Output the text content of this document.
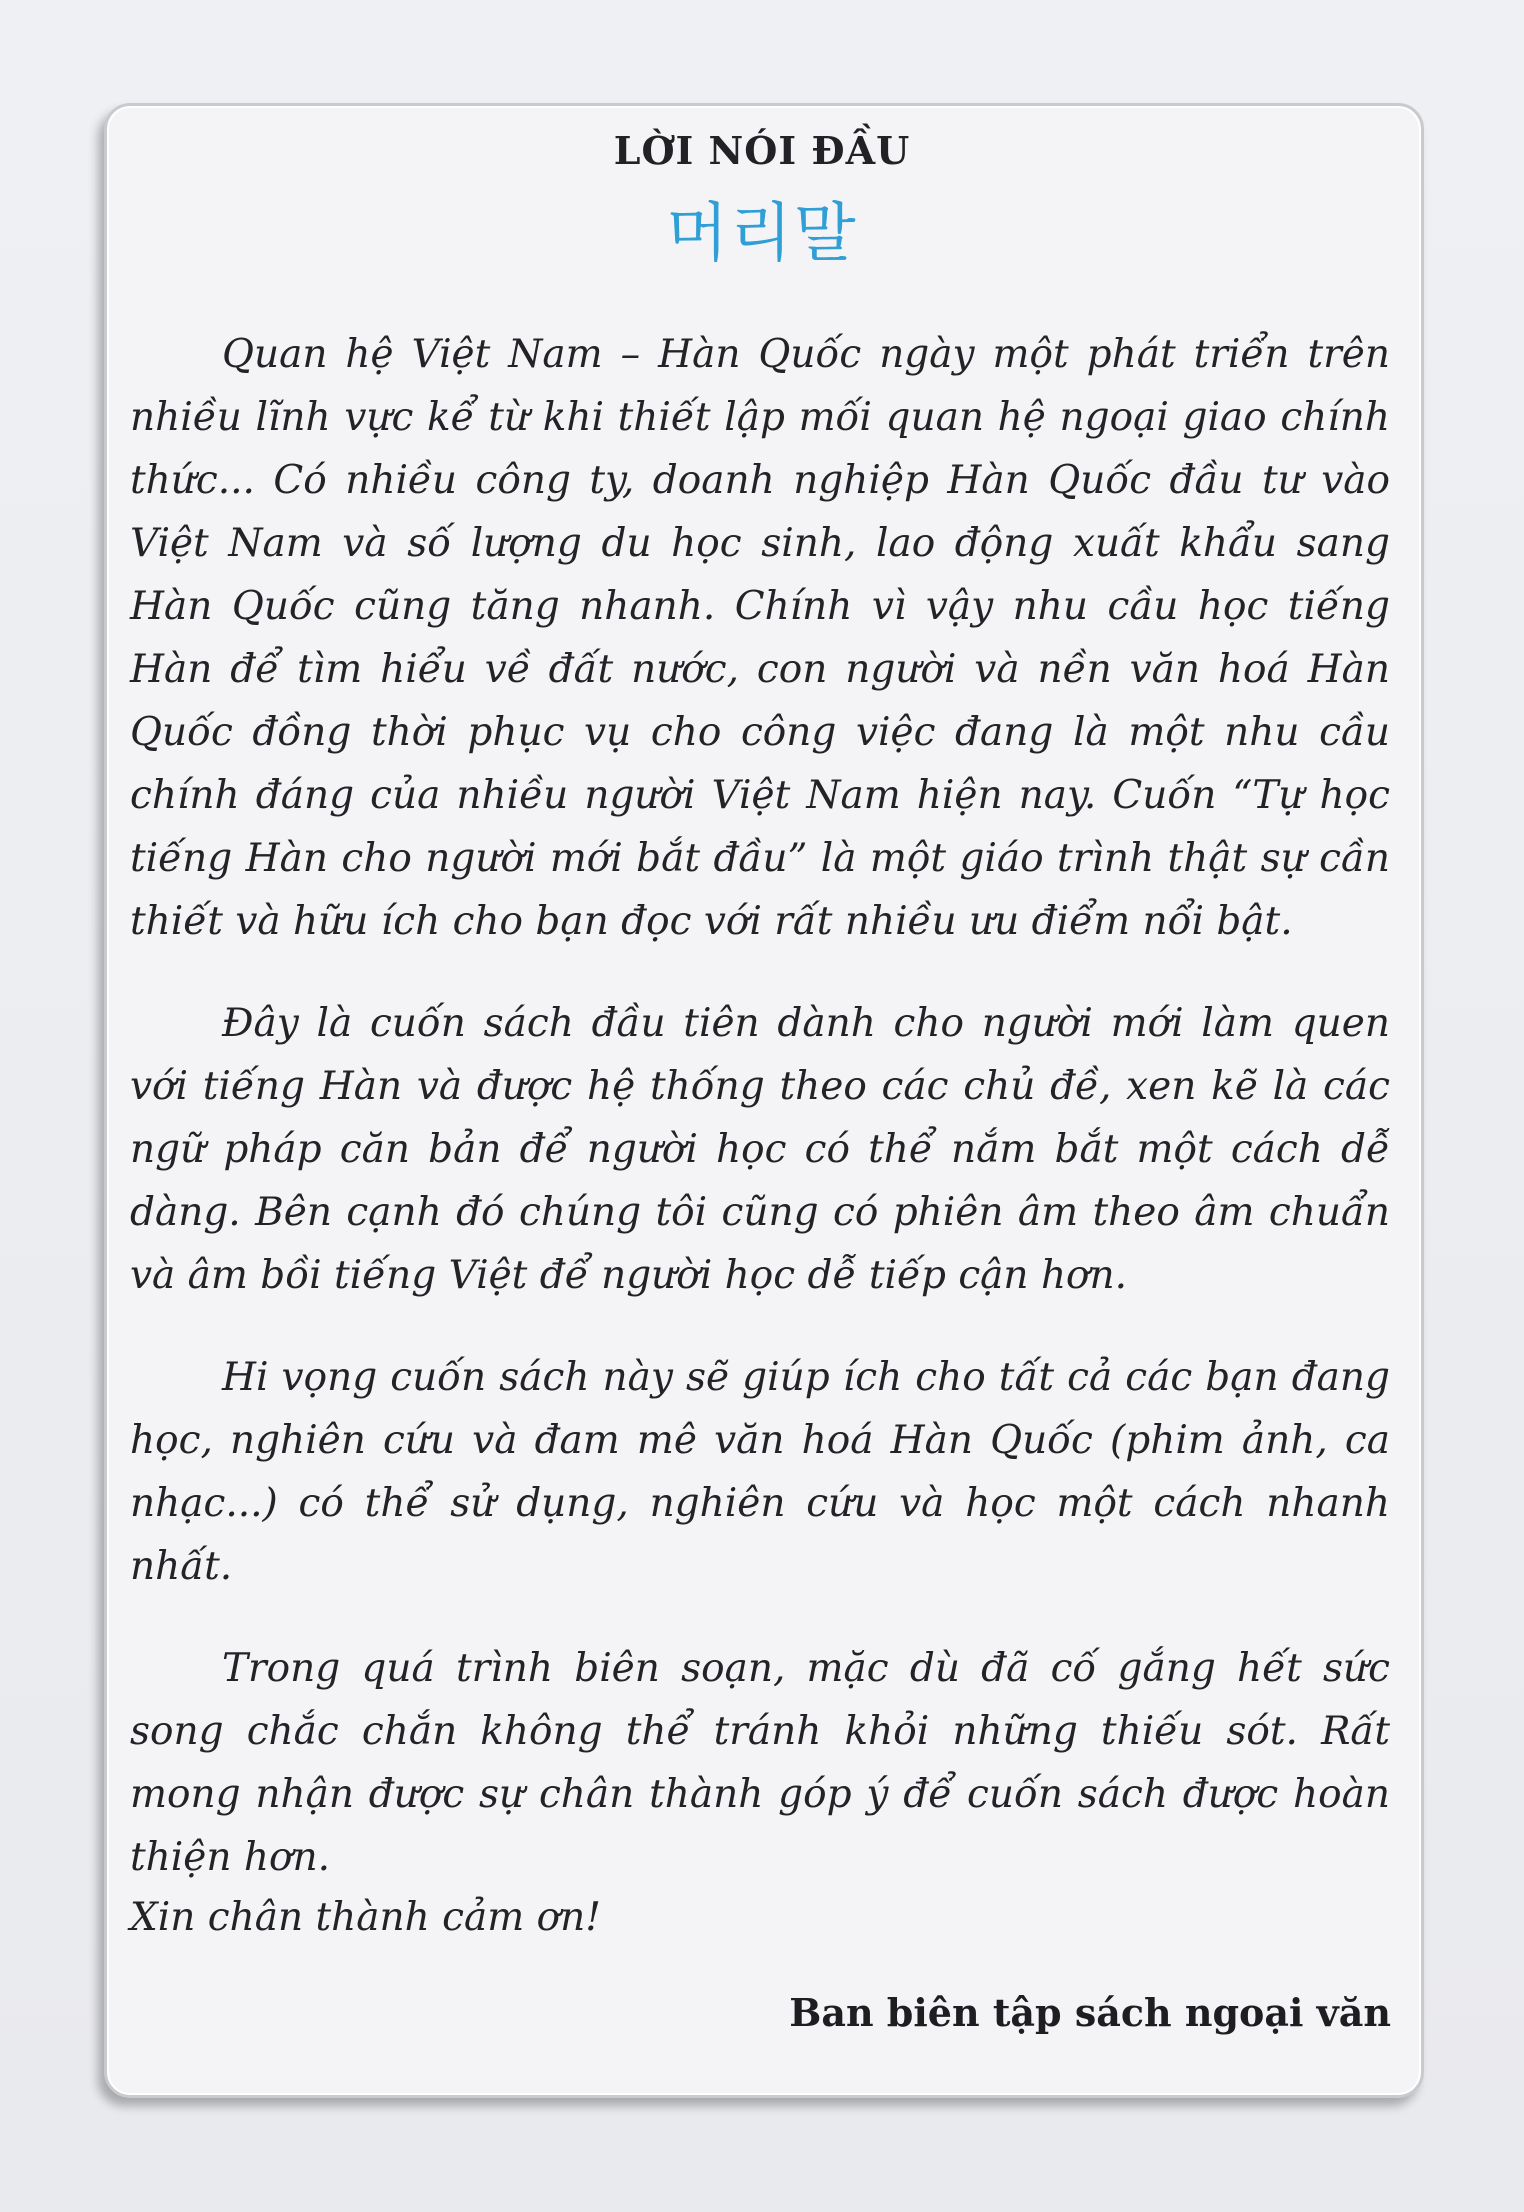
LỜI NÓI ĐẦU
머리말

Quan hệ Việt Nam – Hàn Quốc ngày một phát triển trên nhiều lĩnh vực kể từ khi thiết lập mối quan hệ ngoại giao chính thức... Có nhiều công ty, doanh nghiệp Hàn Quốc đầu tư vào Việt Nam và số lượng du học sinh, lao động xuất khẩu sang Hàn Quốc cũng tăng nhanh. Chính vì vậy nhu cầu học tiếng Hàn để tìm hiểu về đất nước, con người và nền văn hoá Hàn Quốc đồng thời phục vụ cho công việc đang là một nhu cầu chính đáng của nhiều người Việt Nam hiện nay. Cuốn “Tự học tiếng Hàn cho người mới bắt đầu” là một giáo trình thật sự cần thiết và hữu ích cho bạn đọc với rất nhiều ưu điểm nổi bật.

Đây là cuốn sách đầu tiên dành cho người mới làm quen với tiếng Hàn và được hệ thống theo các chủ đề, xen kẽ là các ngữ pháp căn bản để người học có thể nắm bắt một cách dễ dàng. Bên cạnh đó chúng tôi cũng có phiên âm theo âm chuẩn và âm bồi tiếng Việt để người học dễ tiếp cận hơn.

Hi vọng cuốn sách này sẽ giúp ích cho tất cả các bạn đang học, nghiên cứu và đam mê văn hoá Hàn Quốc (phim ảnh, ca nhạc...) có thể sử dụng, nghiên cứu và học một cách nhanh nhất.

Trong quá trình biên soạn, mặc dù đã cố gắng hết sức song chắc chắn không thể tránh khỏi những thiếu sót. Rất mong nhận được sự chân thành góp ý để cuốn sách được hoàn thiện hơn.

Xin chân thành cảm ơn!

Ban biên tập sách ngoại văn
